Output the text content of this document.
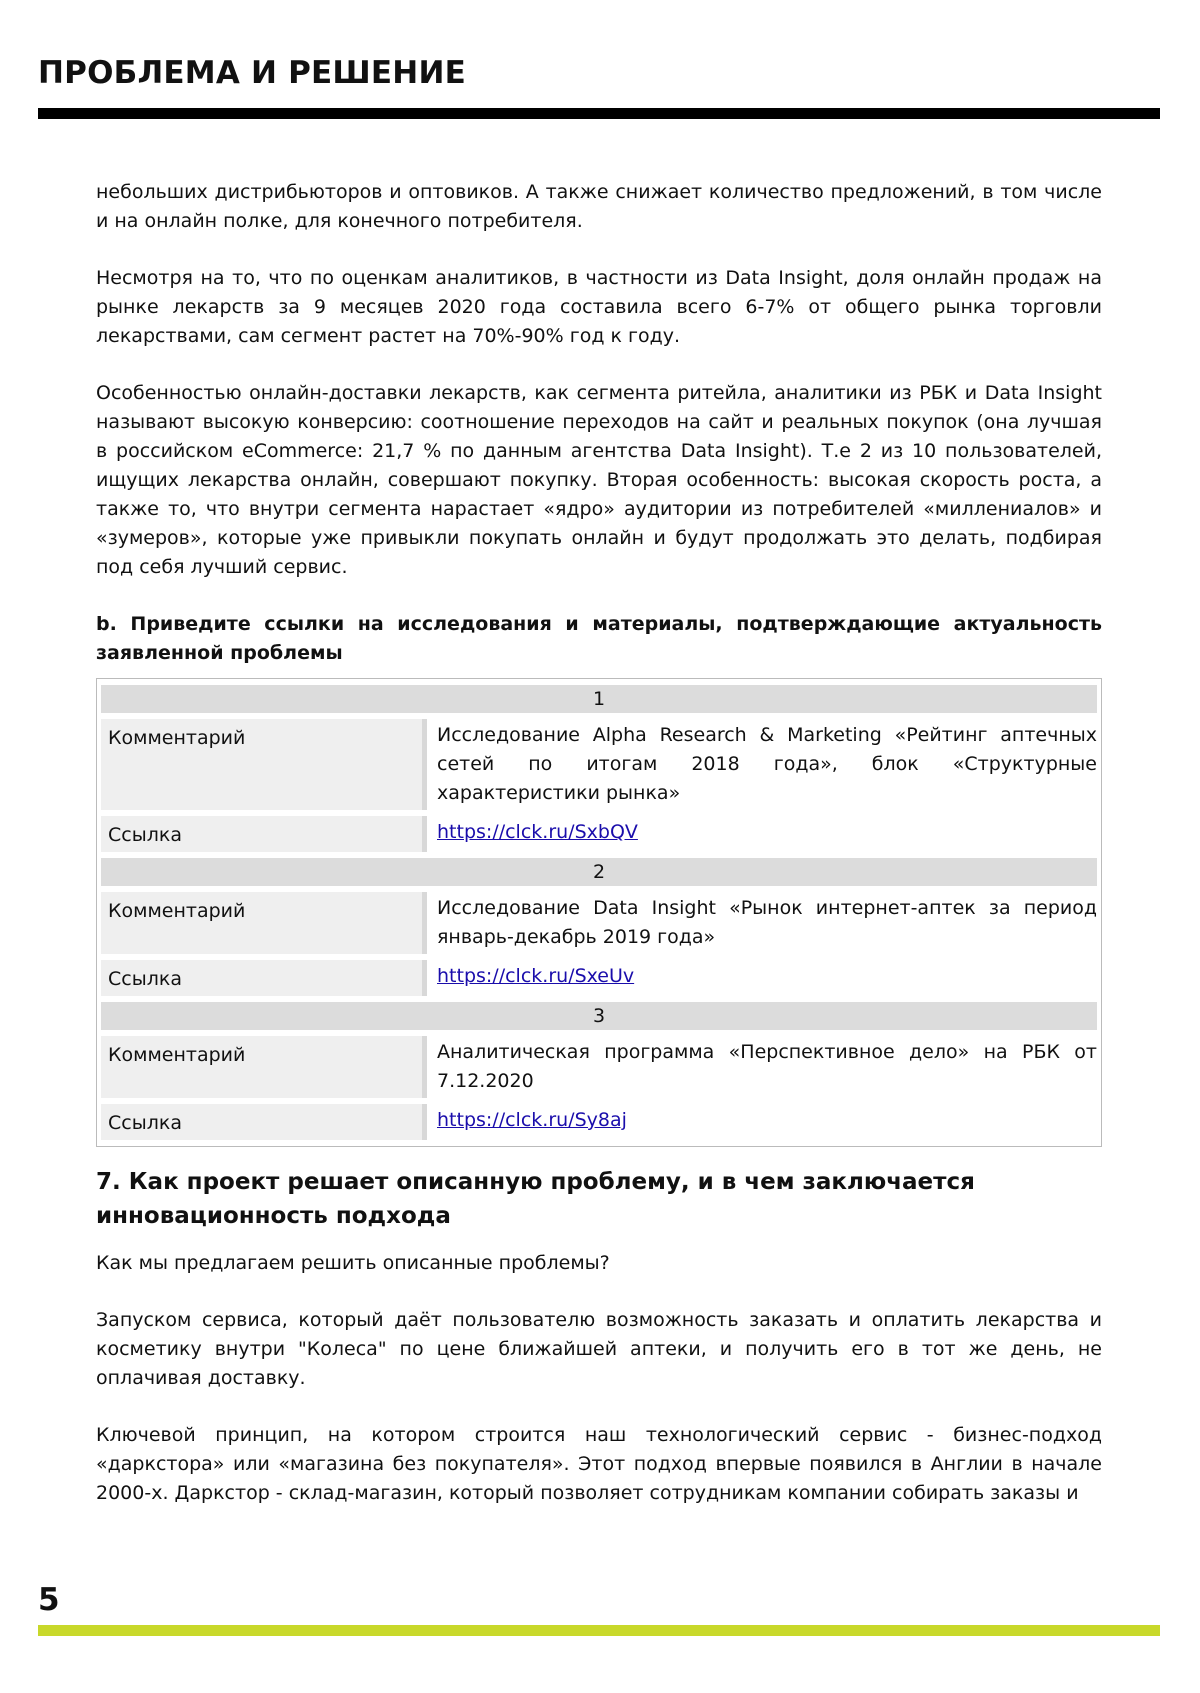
ПРОБЛЕМА И РЕШЕНИЕ

небольших дистрибьюторов и оптовиков. А также снижает количество предложений, в том числе и на онлайн полке, для конечного потребителя.

Несмотря на то, что по оценкам аналитиков, в частности из Data Insight, доля онлайн продаж на рынке лекарств за 9 месяцев 2020 года составила всего 6-7% от общего рынка торговли лекарствами, сам сегмент растет на 70%-90% год к году.

Особенностью онлайн-доставки лекарств, как сегмента ритейла, аналитики из РБК и Data Insight называют высокую конверсию: соотношение переходов на сайт и реальных покупок (она лучшая в российском eCommerce: 21,7 % по данным агентства Data Insight). Т.е 2 из 10 пользователей, ищущих лекарства онлайн, совершают покупку. Вторая особенность: высокая скорость роста, а также то, что внутри сегмента нарастает «ядро» аудитории из потребителей «миллениалов» и «зумеров», которые уже привыкли покупать онлайн и будут продолжать это делать, подбирая под себя лучший сервис.

b. Приведите ссылки на исследования и материалы, подтверждающие актуальность заявленной проблемы
1
Комментарий	Исследование Alpha Research & Marketing «Рейтинг аптечных сетей по итогам 2018 года», блок «Структурные характеристики рынка»
Ссылка	https://clck.ru/SxbQV
2
Комментарий	Исследование Data Insight «Рынок интернет-аптек за период январь-декабрь 2019 года»
Ссылка	https://clck.ru/SxeUv
3
Комментарий	Аналитическая программа «Перспективное дело» на РБК от 7.12.2020
Ссылка	https://clck.ru/Sy8aj
7. Как проект решает описанную проблему, и в чем заключается инновационность подхода

Как мы предлагаем решить описанные проблемы?

Запуском сервиса, который даёт пользователю возможность заказать и оплатить лекарства и косметику внутри "Колеса" по цене ближайшей аптеки, и получить его в тот же день, не оплачивая доставку.

Ключевой принцип, на котором строится наш технологический сервис - бизнес-подход «даркстора» или «магазина без покупателя». Этот подход впервые появился в Англии в начале 2000-х. Даркстор - склад-магазин, который позволяет сотрудникам компании собирать заказы и

5
